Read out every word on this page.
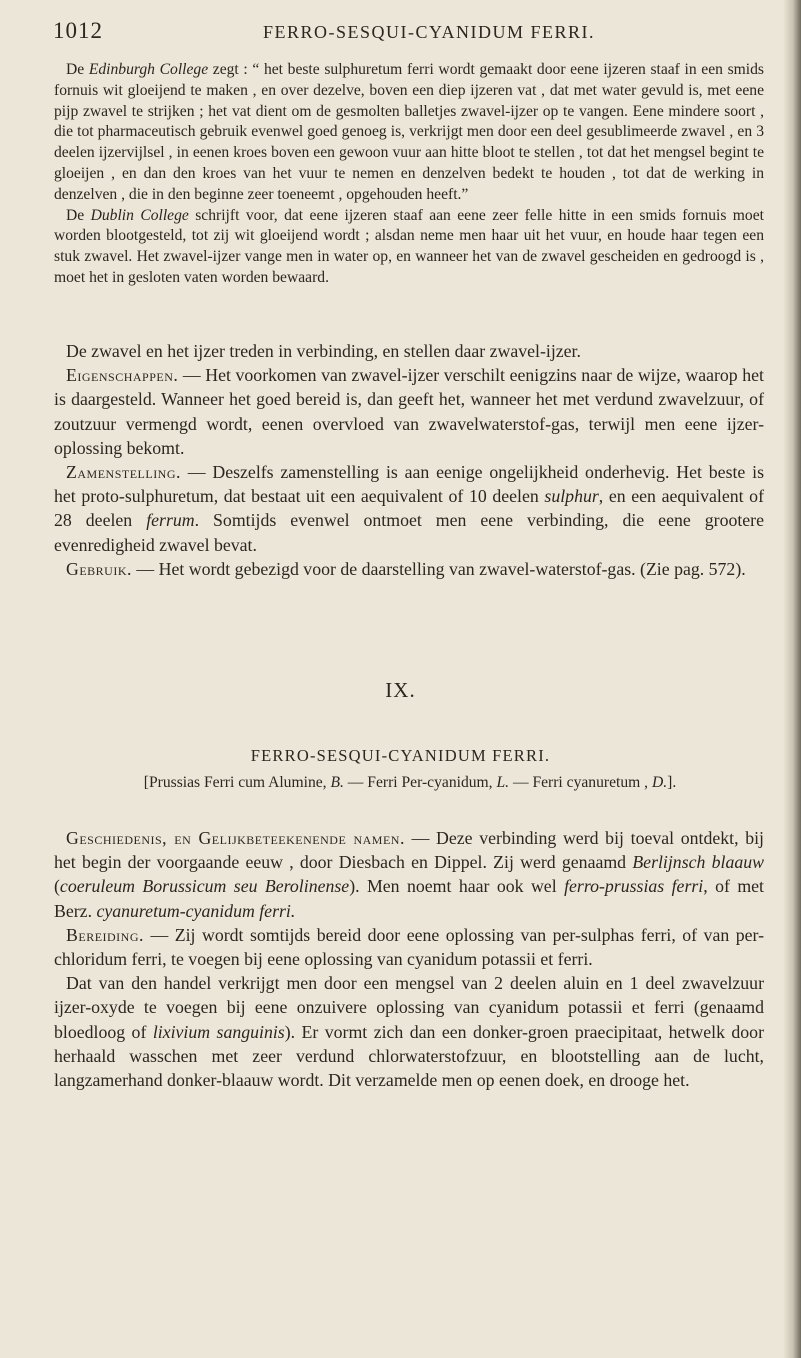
1012	FERRO-SESQUI-CYANIDUM FERRI.

De Edinburgh College zegt : “ het beste sulphuretum ferri wordt gemaakt door eene ijzeren staaf in een smids fornuis wit gloeijend te maken , en over dezelve, boven een diep ijzeren vat , dat met water gevuld is, met eene pijp zwavel te strijken ; het vat dient om de gesmolten balletjes zwavel-ijzer op te vangen. Eene mindere soort , die tot pharmaceutisch gebruik evenwel goed genoeg is, verkrijgt men door een deel gesublimeerde zwavel , en 3 deelen ijzervijlsel , in eenen kroes boven een gewoon vuur aan hitte bloot te stellen , tot dat het mengsel begint te gloeijen , en dan den kroes van het vuur te nemen en denzelven bedekt te houden , tot dat de werking in denzelven , die in den beginne zeer toeneemt , opgehouden heeft.”

De Dublin College schrijft voor, dat eene ijzeren staaf aan eene zeer felle hitte in een smids fornuis moet worden blootgesteld, tot zij wit gloeijend wordt ; alsdan neme men haar uit het vuur, en houde haar tegen een stuk zwavel. Het zwavel-ijzer vange men in water op, en wanneer het van de zwavel gescheiden en gedroogd is , moet het in gesloten vaten worden bewaard.

De zwavel en het ijzer treden in verbinding, en stellen daar zwavel-ijzer.

Eigenschappen. — Het voorkomen van zwavel-ijzer verschilt eenigzins naar de wijze, waarop het is daargesteld. Wanneer het goed bereid is, dan geeft het, wanneer het met verdund zwavelzuur, of zoutzuur vermengd wordt, eenen overvloed van zwavelwaterstof-gas, terwijl men eene ijzer-oplossing bekomt.

Zamenstelling. — Deszelfs zamenstelling is aan eenige ongelijkheid onderhevig. Het beste is het proto-sulphuretum, dat bestaat uit een aequivalent of 10 deelen sulphur, en een aequivalent of 28 deelen ferrum. Somtijds evenwel ontmoet men eene verbinding, die eene grootere evenredigheid zwavel bevat.

Gebruik. — Het wordt gebezigd voor de daarstelling van zwavel-waterstof-gas. (Zie pag. 572).

IX.
FERRO-SESQUI-CYANIDUM FERRI.
[Prussias Ferri cum Alumine, B. — Ferri Per-cyanidum, L. — Ferri cyanuretum , D.].

Geschiedenis, en Gelijkbeteekenende namen. — Deze verbinding werd bij toeval ontdekt, bij het begin der voorgaande eeuw , door Diesbach en Dippel. Zij werd genaamd Berlijnsch blaauw (coeruleum Borussicum seu Berolinense). Men noemt haar ook wel ferro-prussias ferri, of met Berz. cyanuretum-cyanidum ferri.

Bereiding. — Zij wordt somtijds bereid door eene oplossing van per-sulphas ferri, of van per-chloridum ferri, te voegen bij eene oplossing van cyanidum potassii et ferri.

Dat van den handel verkrijgt men door een mengsel van 2 deelen aluin en 1 deel zwavelzuur ijzer-oxyde te voegen bij eene onzuivere oplossing van cyanidum potassii et ferri (genaamd bloedloog of lixivium sanguinis). Er vormt zich dan een donker-groen praecipitaat, hetwelk door herhaald wasschen met zeer verdund chlorwaterstofzuur, en blootstelling aan de lucht, langzamerhand donker-blaauw wordt. Dit verzamelde men op eenen doek, en drooge het.
